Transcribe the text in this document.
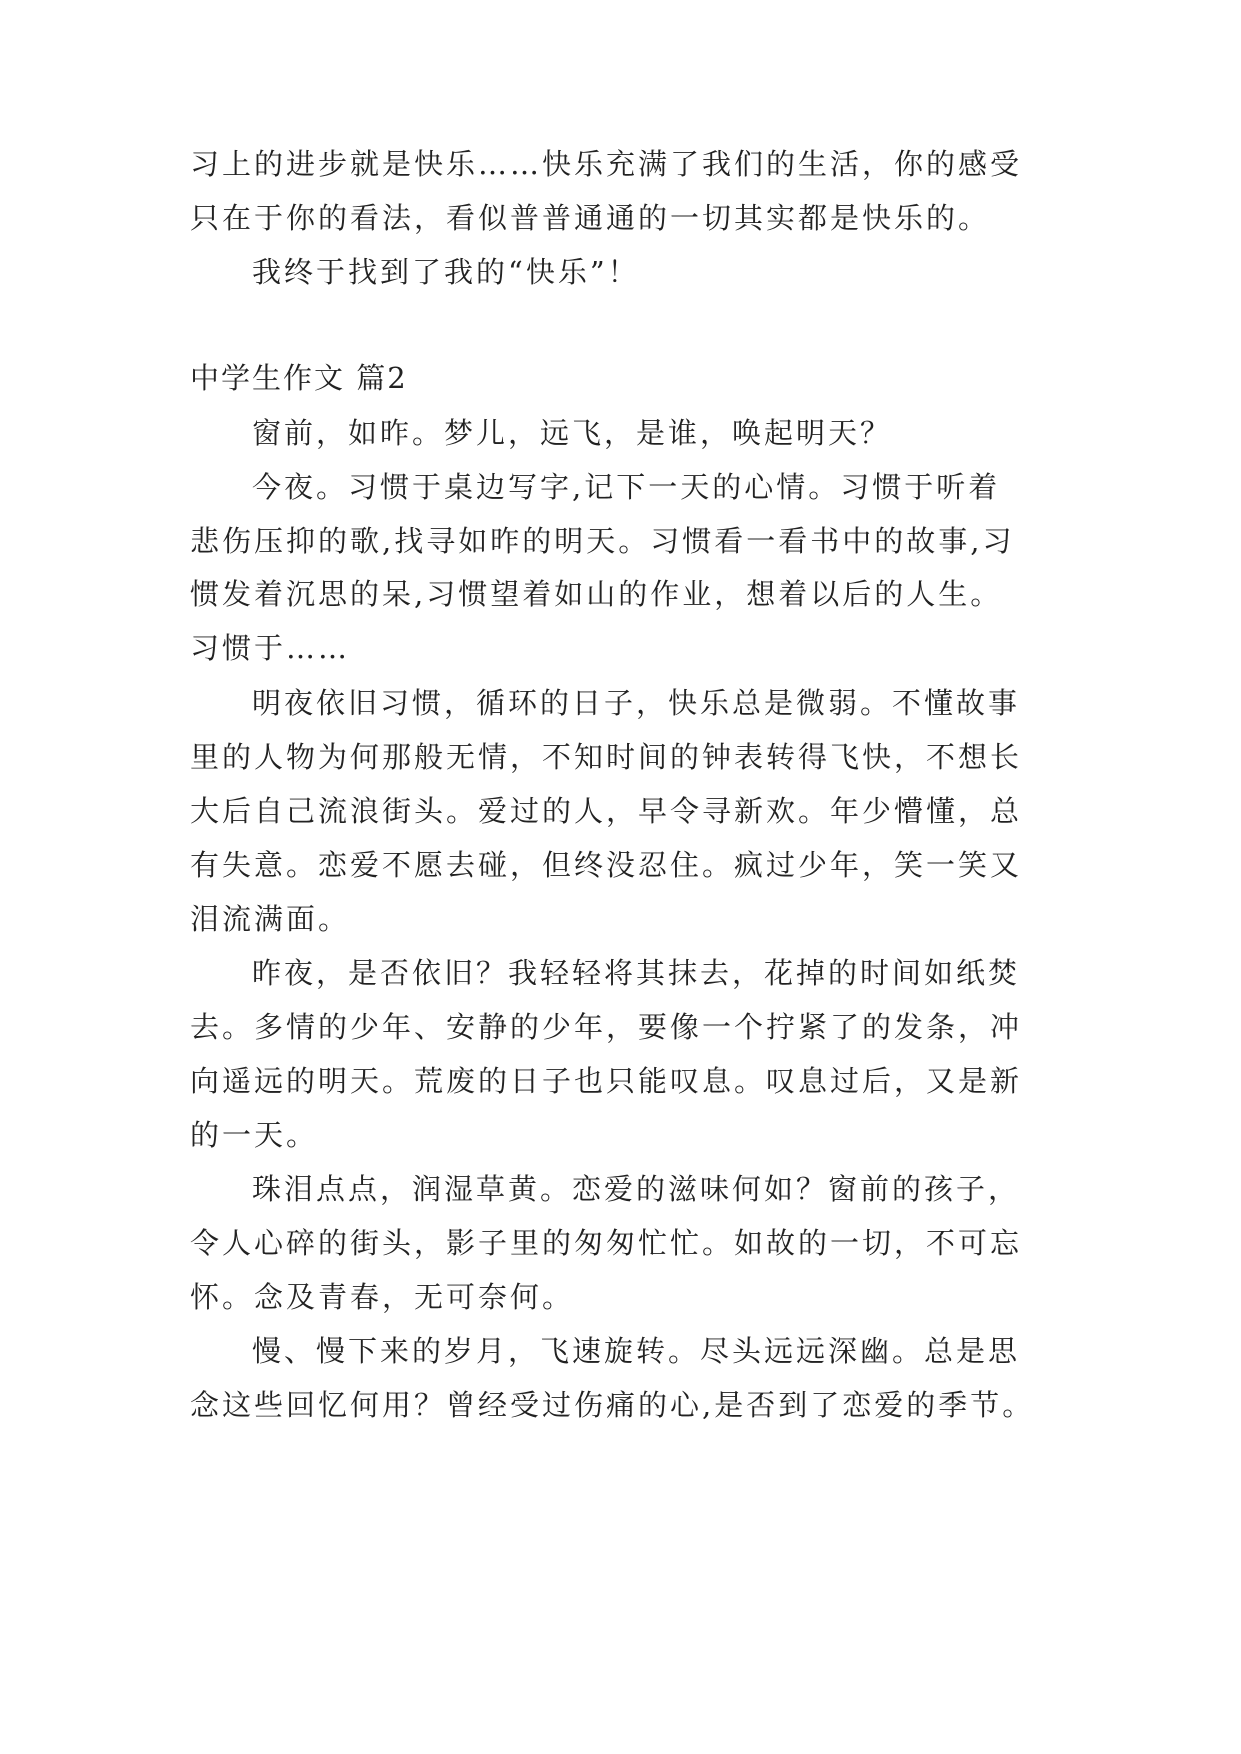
习上的进步就是快乐……快乐充满了我们的生活，你的感受
只在于你的看法，看似普普通通的一切其实都是快乐的。
我终于找到了我的“快乐”！
中学生作文 篇2
窗前，如昨。梦儿，远飞，是谁，唤起明天？
今夜。习惯于桌边写字,记下一天的心情。习惯于听着
悲伤压抑的歌,找寻如昨的明天。习惯看一看书中的故事,习
惯发着沉思的呆,习惯望着如山的作业，想着以后的人生。
习惯于……
明夜依旧习惯，循环的日子，快乐总是微弱。不懂故事
里的人物为何那般无情，不知时间的钟表转得飞快，不想长
大后自己流浪街头。爱过的人，早令寻新欢。年少懵懂，总
有失意。恋爱不愿去碰，但终没忍住。疯过少年，笑一笑又
泪流满面。
昨夜，是否依旧？我轻轻将其抹去，花掉的时间如纸焚
去。多情的少年、安静的少年，要像一个拧紧了的发条，冲
向遥远的明天。荒废的日子也只能叹息。叹息过后，又是新
的一天。
珠泪点点，润湿草黄。恋爱的滋味何如？窗前的孩子，
令人心碎的街头，影子里的匆匆忙忙。如故的一切，不可忘
怀。念及青春，无可奈何。
慢、慢下来的岁月，飞速旋转。尽头远远深幽。总是思
念这些回忆何用？曾经受过伤痛的心,是否到了恋爱的季节。
